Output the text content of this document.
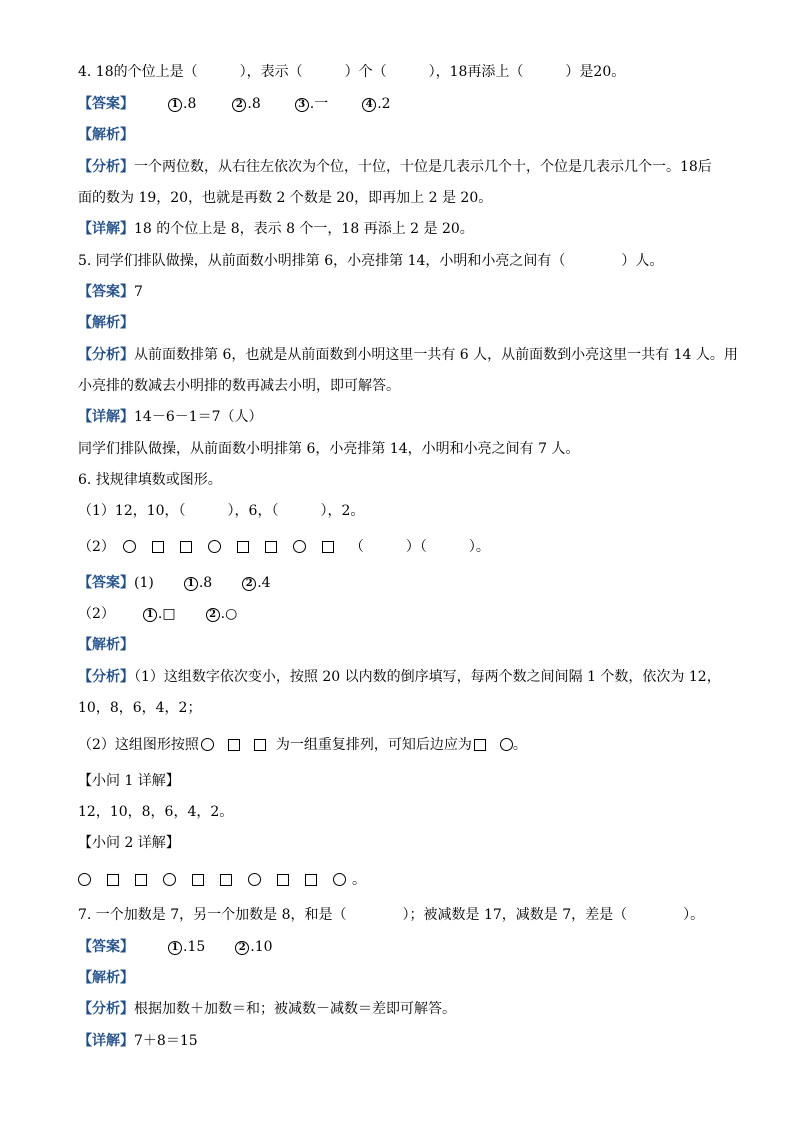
4. 18的个位上是（　　　），表示（　　　）个（　　　），18再添上（　　　）是20。
【答案】	1 .8	2 .8	3 .一	4 .2
【解析】
【分析】一个两位数，从右往左依次为个位，十位，十位是几表示几个十，个位是几表示几个一。18后
面的数为 19，20，也就是再数 2 个数是 20，即再加上 2 是 20。
【详解】18 的个位上是 8，表示 8 个一，18 再添上 2 是 20。
5. 同学们排队做操，从前面数小明排第 6，小亮排第 14，小明和小亮之间有（　　　　）人。
【答案】7
【解析】
【分析】从前面数排第 6，也就是从前面数到小明这里一共有 6 人，从前面数到小亮这里一共有 14 人。用
小亮排的数减去小明排的数再减去小明，即可解答。
【详解】14－6－1＝7（人）
同学们排队做操，从前面数小明排第 6，小亮排第 14，小明和小亮之间有 7 人。
6. 找规律填数或图形。
（1）12，10，（　　　），6，（　　　），2。
（2）	（　　　）（　　　）。
【答案】(1)	1 .8	2 .4
（2）	1 .□	2 .○
【解析】
【分析】（1）这组数字依次变小，按照 20 以内数的倒序填写，每两个数之间间隔 1 个数，依次为 12，
10，8，6，4，2；
（2）这组图形按照	为一组重复排列，可知后边应为	。
【小问 1 详解】
12，10，8，6，4，2。
【小问 2 详解】
。
7. 一个加数是 7，另一个加数是 8，和是（　　　　）；被减数是 17，减数是 7，差是（　　　　）。
【答案】	1 .15	2 .10
【解析】
【分析】根据加数＋加数＝和；被减数－减数＝差即可解答。
【详解】7＋8＝15
